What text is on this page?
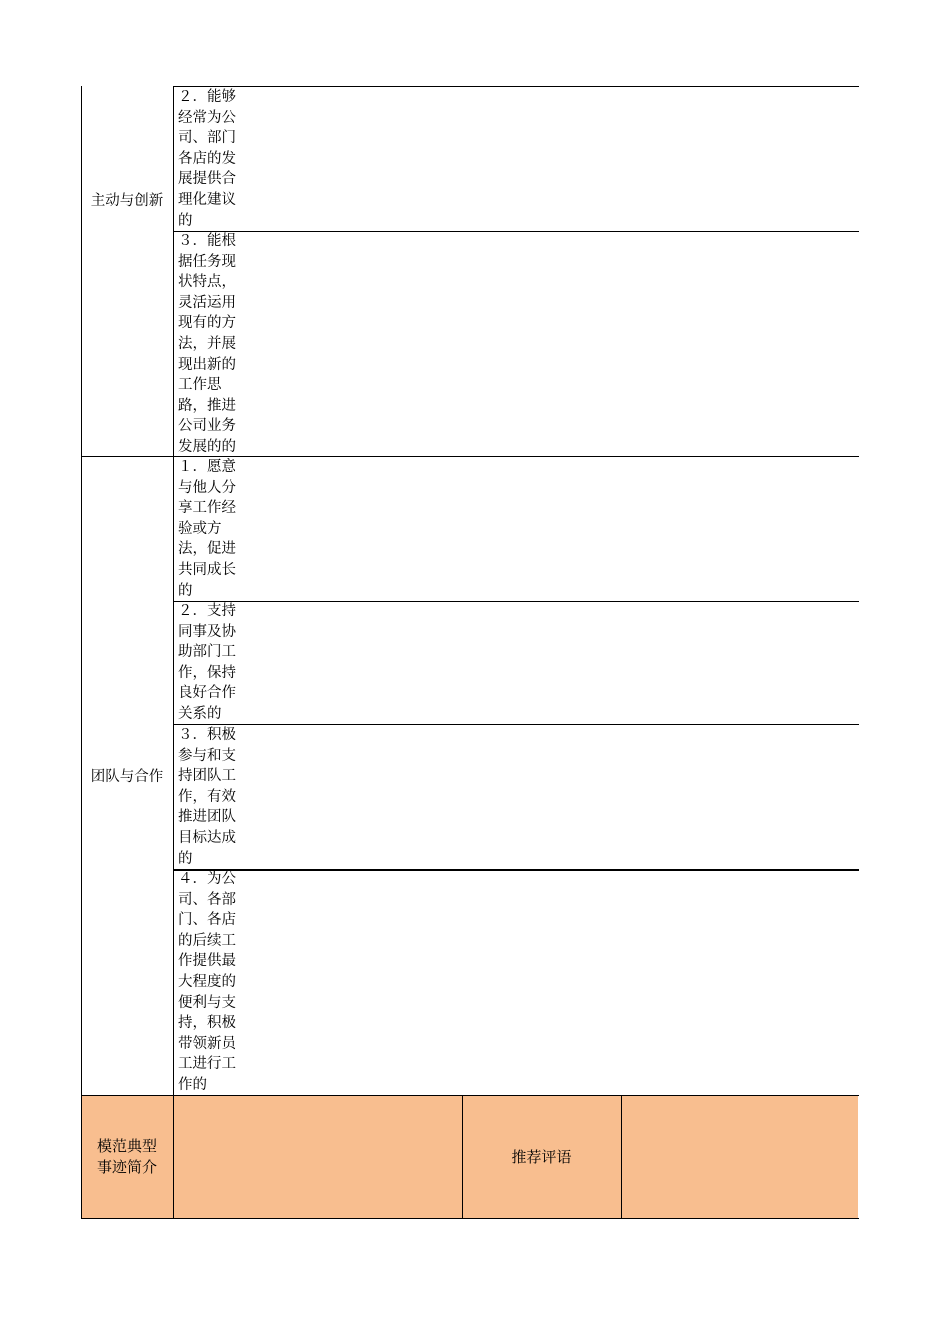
主动与创新
团队与合作
２．能够
经常为公
司、部门
各店的发
展提供合
理化建议
的
３．能根
据任务现
状特点，
灵活运用
现有的方
法，并展
现出新的
工作思
路，推进
公司业务
发展的的
１．愿意
与他人分
享工作经
验或方
法，促进
共同成长
的
２．支持
同事及协
助部门工
作，保持
良好合作
关系的
３．积极
参与和支
持团队工
作，有效
推进团队
目标达成
的
４．为公
司、各部
门、各店
的后续工
作提供最
大程度的
便利与支
持，积极
带领新员
工进行工
作的
模范典型
事迹简介
推荐评语
